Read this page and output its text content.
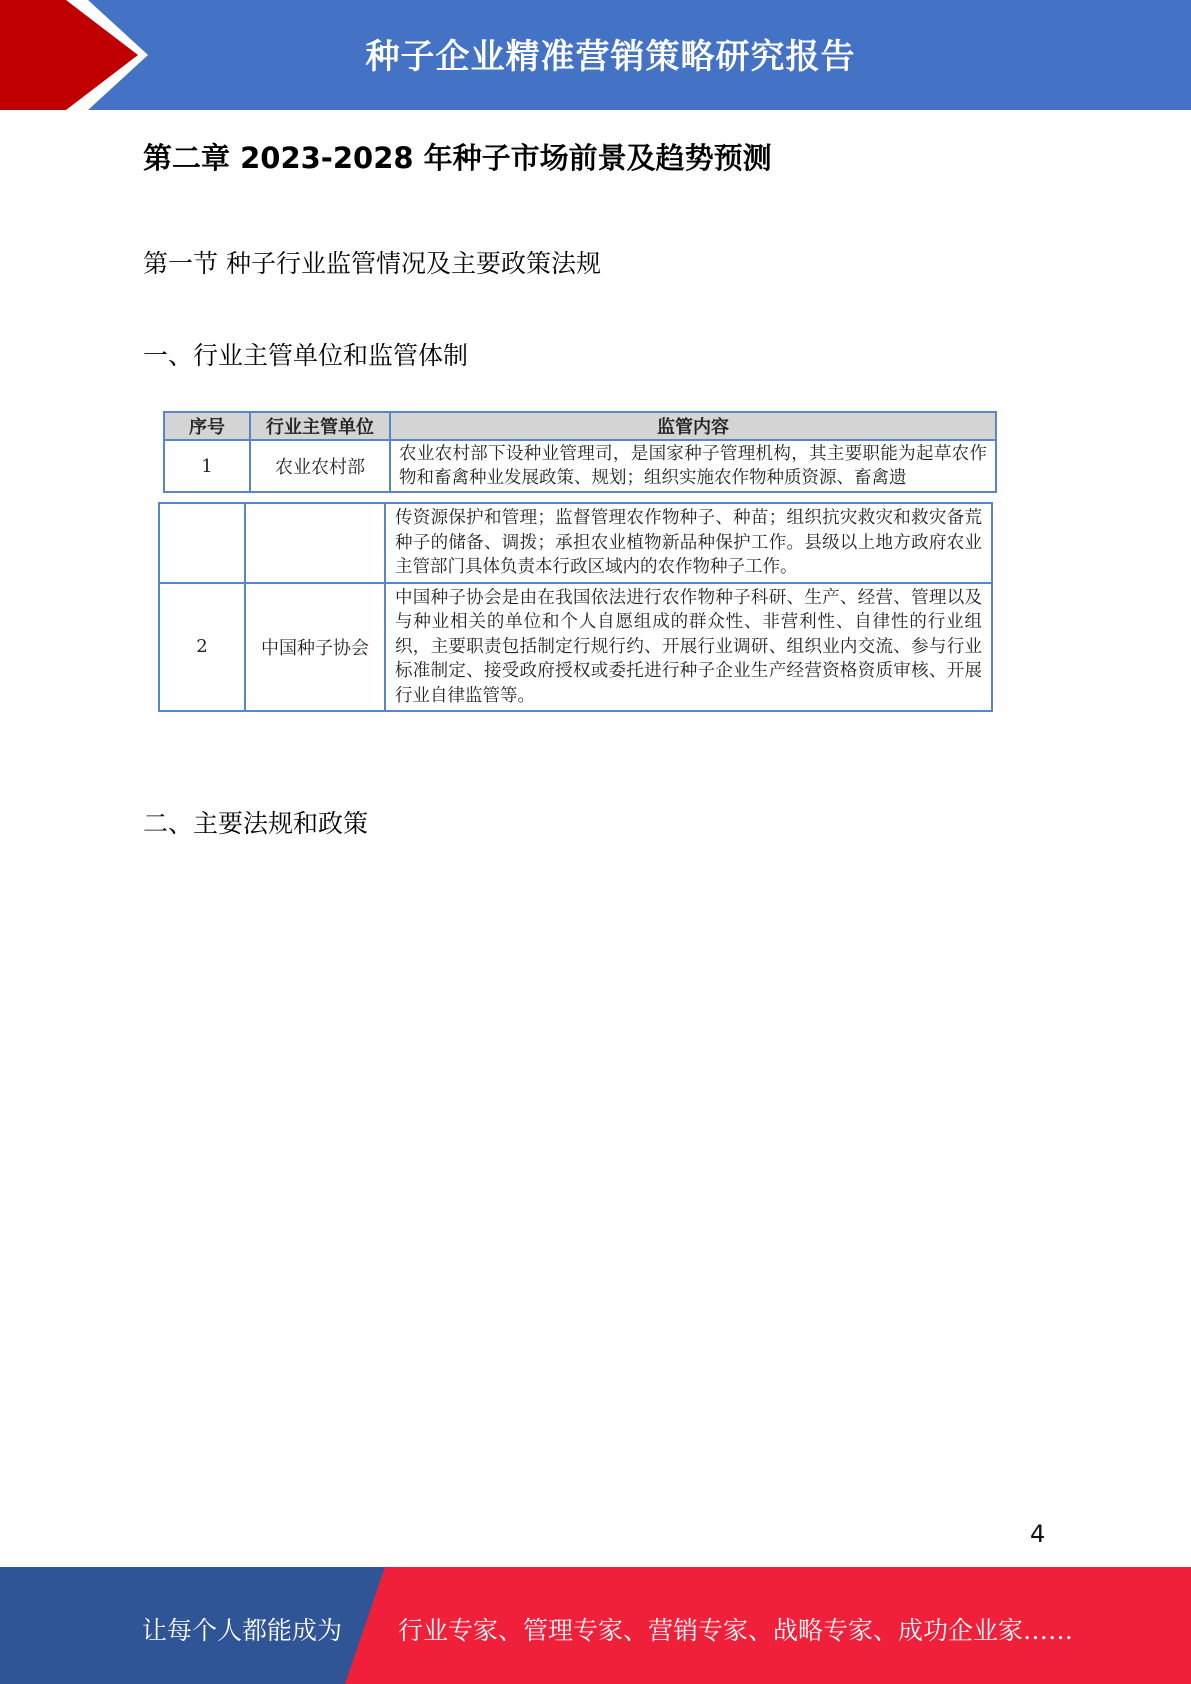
种子企业精准营销策略研究报告
第二章 2023-2028 年种子市场前景及趋势预测
第一节 种子行业监管情况及主要政策法规
一、行业主管单位和监管体制
序号	行业主管单位	监管内容
1	农业农村部	农业农村部下设种业管理司，是国家种子管理机构，其主要职能为起草农作物和畜禽种业发展政策、规划；组织实施农作物种质资源、畜禽遗
		传资源保护和管理；监督管理农作物种子、种苗；组织抗灾救灾和救灾备荒种子的储备、调拨；承担农业植物新品种保护工作。县级以上地方政府农业主管部门具体负责本行政区域内的农作物种子工作。
2	中国种子协会	中国种子协会是由在我国依法进行农作物种子科研、生产、经营、管理以及与种业相关的单位和个人自愿组成的群众性、非营利性、自律性的行业组织，主要职责包括制定行规行约、开展行业调研、组织业内交流、参与行业标准制定、接受政府授权或委托进行种子企业生产经营资格资质审核、开展行业自律监管等。
二、主要法规和政策
4
让每个人都能成为 行业专家、管理专家、营销专家、战略专家、成功企业家……
